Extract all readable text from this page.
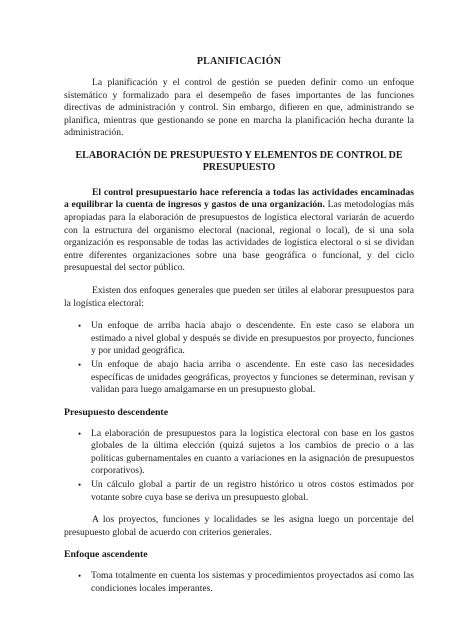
PLANIFICACIÓN

La planificación y el control de gestión se pueden definir como un enfoque sistemático y formalizado para el desempeño de fases importantes de las funciones directivas de administración y control. Sin embargo, difieren en que, administrando se planifica, mientras que gestionando se pone en marcha la planificación hecha durante la administración.

ELABORACIÓN DE PRESUPUESTO Y ELEMENTOS DE CONTROL DE PRESUPUESTO

El control presupuestario hace referencia a todas las actividades encaminadas a equilibrar la cuenta de ingresos y gastos de una organización. Las metodologías más apropiadas para la elaboración de presupuestos de logística electoral variarán de acuerdo con la estructura del organismo electoral (nacional, regional o local), de si una sola organización es responsable de todas las actividades de logística electoral o si se dividan entre diferentes organizaciones sobre una base geográfica o funcional, y del ciclo presupuestal del sector público.

Existen dos enfoques generales que pueden ser útiles al elaborar presupuestos para la logística electoral:

• Un enfoque de arriba hacia abajo o descendente. En este caso se elabora un estimado a nivel global y después se divide en presupuestos por proyecto, funciones y por unidad geográfica.
• Un enfoque de abajo hacia arriba o ascendente. En este caso las necesidades específicas de unidades geográficas, proyectos y funciones se determinan, revisan y validan para luego amalgamarse en un presupuesto global.
Presupuesto descendente
• La elaboración de presupuestos para la logística electoral con base en los gastos globales de la última elección (quizá sujetos a los cambios de precio o a las políticas gubernamentales en cuanto a variaciones en la asignación de presupuestos corporativos).
• Un cálculo global a partir de un registro histórico u otros costos estimados por votante sobre cuya base se deriva un presupuesto global.

A los proyectos, funciones y localidades se les asigna luego un porcentaje del presupuesto global de acuerdo con criterios generales.

Enfoque ascendente
• Toma totalmente en cuenta los sistemas y procedimientos proyectados así como las condiciones locales imperantes.
